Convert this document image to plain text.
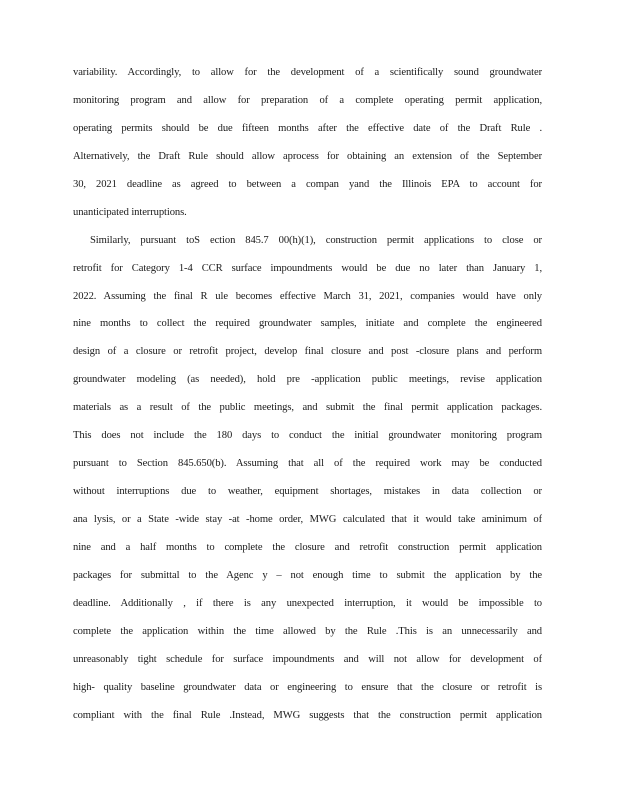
variability. Accordingly, to allow for the development of a scientifically sound groundwater
monitoring program and allow for preparation of a complete operating permit application,
operating permits should be due fifteen months after the effective date of the Draft Rule .
Alternatively, the Draft Rule should allow aprocess for obtaining an extension of the September
30, 2021 deadline as agreed to between a compan yand the Illinois EPA to account for
unanticipated interruptions.
Similarly, pursuant toS ection 845.7 00(h)(1), construction permit applications to close or
retrofit for Category 1-4 CCR surface impoundments would be due no later than January 1,
2022. Assuming the final R ule becomes effective March 31, 2021, companies would have only
nine months to collect the required groundwater samples, initiate and complete the engineered
design of a closure or retrofit project, develop final closure and post -closure plans and perform
groundwater modeling (as needed), hold pre -application public meetings, revise application
materials as a result of the public meetings, and submit the final permit application packages.
This does not include the 180 days to conduct the initial groundwater monitoring program
pursuant to Section 845.650(b). Assuming that all of the required work may be conducted
without interruptions due to weather, equipment shortages, mistakes in data collection or
ana lysis, or a State -wide stay -at -home order, MWG calculated that it would take aminimum of
nine and a half months to complete the closure and retrofit construction permit application
packages for submittal to the Agenc y – not enough time to submit the application by the
deadline. Additionally , if there is any unexpected interruption, it would be impossible to
complete the application within the time allowed by the Rule .This is an unnecessarily and
unreasonably tight schedule for surface impoundments and will not allow for development of
high- quality baseline groundwater data or engineering to ensure that the closure or retrofit is
compliant with the final Rule .Instead, MWG suggests that the construction permit application
